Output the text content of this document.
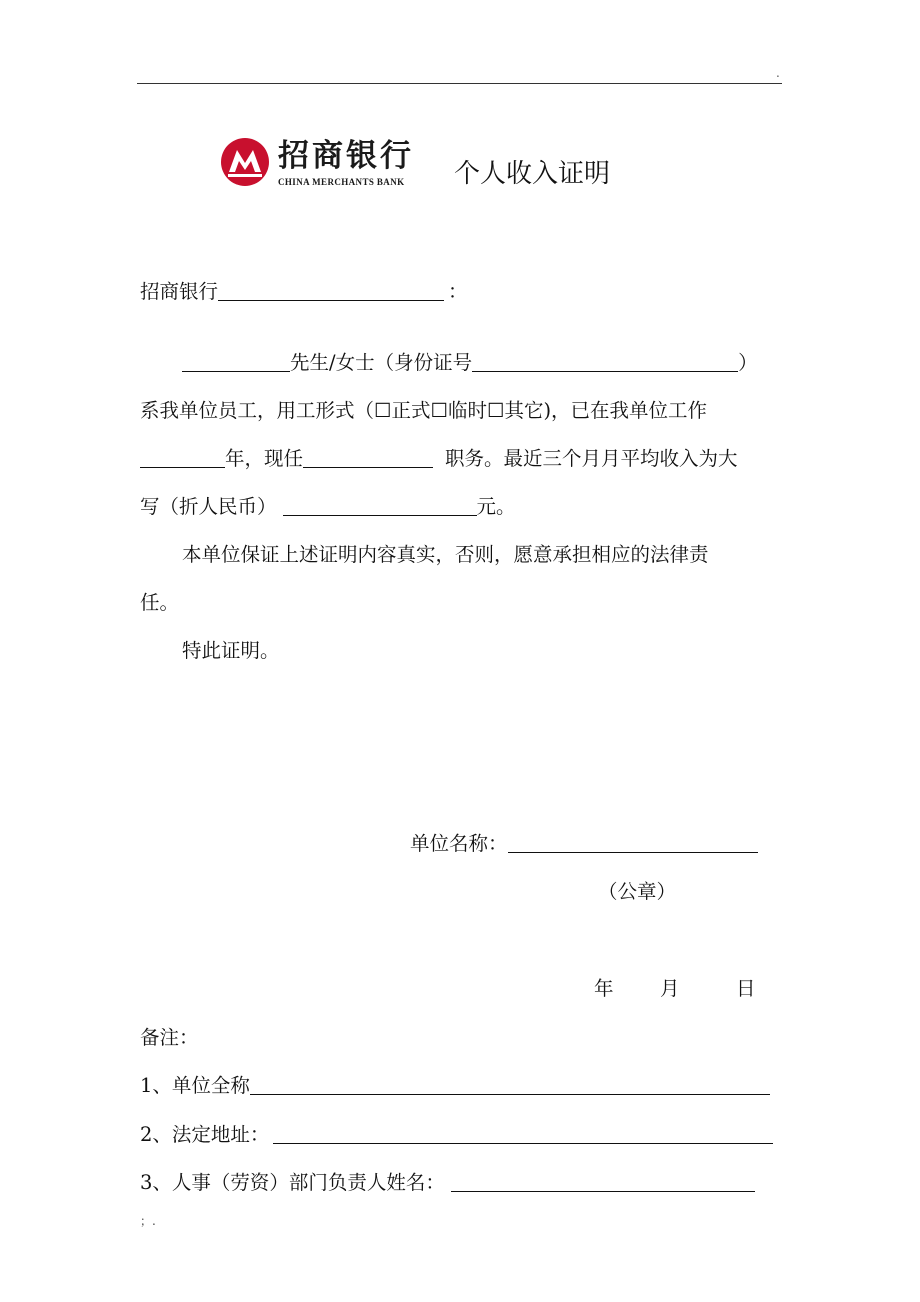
.
招商银行
CHINA MERCHANTS BANK 个人收入证明
招商银行	：
先生/女士（身份证号	）
系我单位员工，用工形式（☐正式☐临时☐其它)，已在我单位工作
年，现任	职务。最近三个月月平均收入为大
写（折人民币）	元。
本单位保证上述证明内容真实，否则，愿意承担相应的法律责
任。
特此证明。
单位名称：
（公章）
年 月	日
备注：
1、单位全称
2、法定地址：
3、人事（劳资）部门负责人姓名：
；.
